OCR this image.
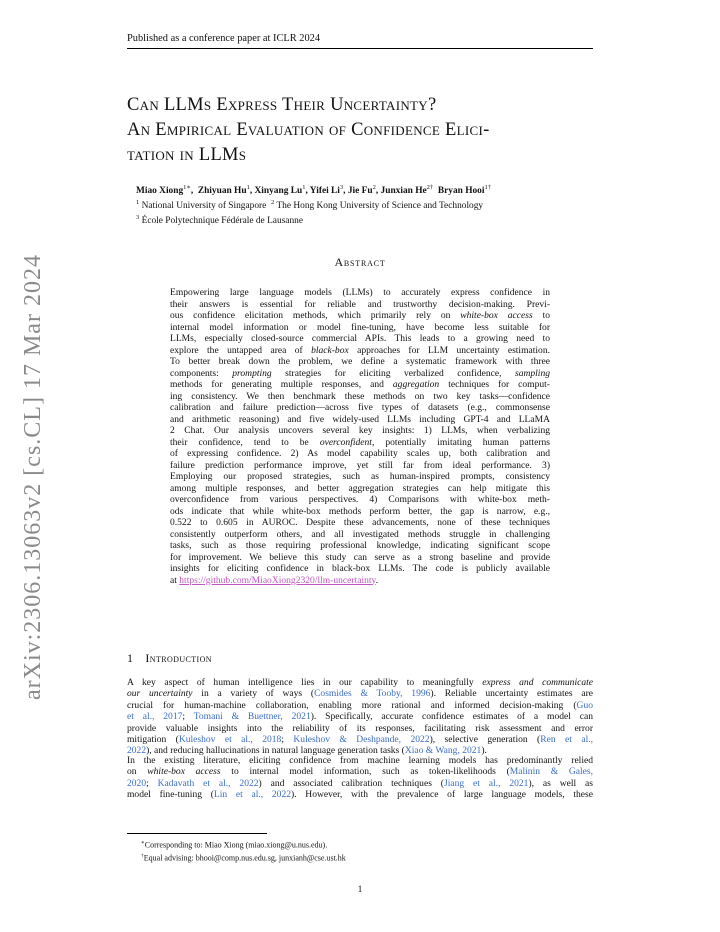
Published as a conference paper at ICLR 2024
arXiv:2306.13063v2 [cs.CL] 17 Mar 2024
Can LLMs Express Their Uncertainty?
An Empirical Evaluation of Confidence Elici-
tation in LLMs
Miao Xiong$^{1∗}$,  Zhiyuan Hu$^1$, Xinyang Lu$^1$, Yifei Li$^3$, Jie Fu$^2$, Junxian $He^{2\dagger}$ Bryan Hooi$^{1\dagger}$
$^1$ National University of Singapore $^2$ The Hong Kong University of Science and Technology
$^3$ École Polytechnique Fédérale de Lausanne
Abstract
Empowering large language models (LLMs) to accurately express confidence in
their answers is essential for reliable and trustworthy decision-making. Previ-
ous confidence elicitation methods, which primarily rely on white-box access to
internal model information or model fine-tuning, have become less suitable for
LLMs, especially closed-source commercial APIs. This leads to a growing need to
explore the untapped area of black-box approaches for LLM uncertainty estimation.
To better break down the problem, we define a systematic framework with three
components: prompting strategies for eliciting verbalized confidence, sampling
methods for generating multiple responses, and aggregation techniques for comput-
ing consistency. We then benchmark these methods on two key tasks—confidence
calibration and failure prediction—across five types of datasets (e.g., commonsense
and arithmetic reasoning) and five widely-used LLMs including GPT-4 and LLaMA
2 Chat. Our analysis uncovers several key insights: 1) LLMs, when verbalizing
their confidence, tend to be overconfident, potentially imitating human patterns
of expressing confidence. 2) As model capability scales up, both calibration and
failure prediction performance improve, yet still far from ideal performance. 3)
Employing our proposed strategies, such as human-inspired prompts, consistency
among multiple responses, and better aggregation strategies can help mitigate this
overconfidence from various perspectives. 4) Comparisons with white-box meth-
ods indicate that while white-box methods perform better, the gap is narrow, e.g.,
0.522 to 0.605 in AUROC. Despite these advancements, none of these techniques
consistently outperform others, and all investigated methods struggle in challenging
tasks, such as those requiring professional knowledge, indicating significant scope
for improvement. We believe this study can serve as a strong baseline and provide
insights for eliciting confidence in black-box LLMs. The code is publicly available
at https://github.com/MiaoXiong2320/llm-uncertainty.
1 Introduction
A key aspect of human intelligence lies in our capability to meaningfully express and communicate
our uncertainty in a variety of ways (Cosmides & Tooby, 1996). Reliable uncertainty estimates are
crucial for human-machine collaboration, enabling more rational and informed decision-making (Guo
et al., 2017; Tomani & Buettner, 2021). Specifically, accurate confidence estimates of a model can
provide valuable insights into the reliability of its responses, facilitating risk assessment and error
mitigation (Kuleshov et al., 2018; Kuleshov & Deshpande, 2022), selective generation (Ren et al.,
2022), and reducing hallucinations in natural language generation tasks (Xiao & Wang, 2021).
In the existing literature, eliciting confidence from machine learning models has predominantly relied
on white-box access to internal model information, such as token-likelihoods (Malinin & Gales,
2020; Kadavath et al., 2022) and associated calibration techniques (Jiang et al., 2021), as well as
model fine-tuning (Lin et al., 2022). However, with the prevalence of large language models, these
∗Corresponding to: Miao Xiong (miao.xiong@u.nus.edu).
†Equal advising: bhooi@comp.nus.edu.sg, junxianh@cse.ust.hk
1
